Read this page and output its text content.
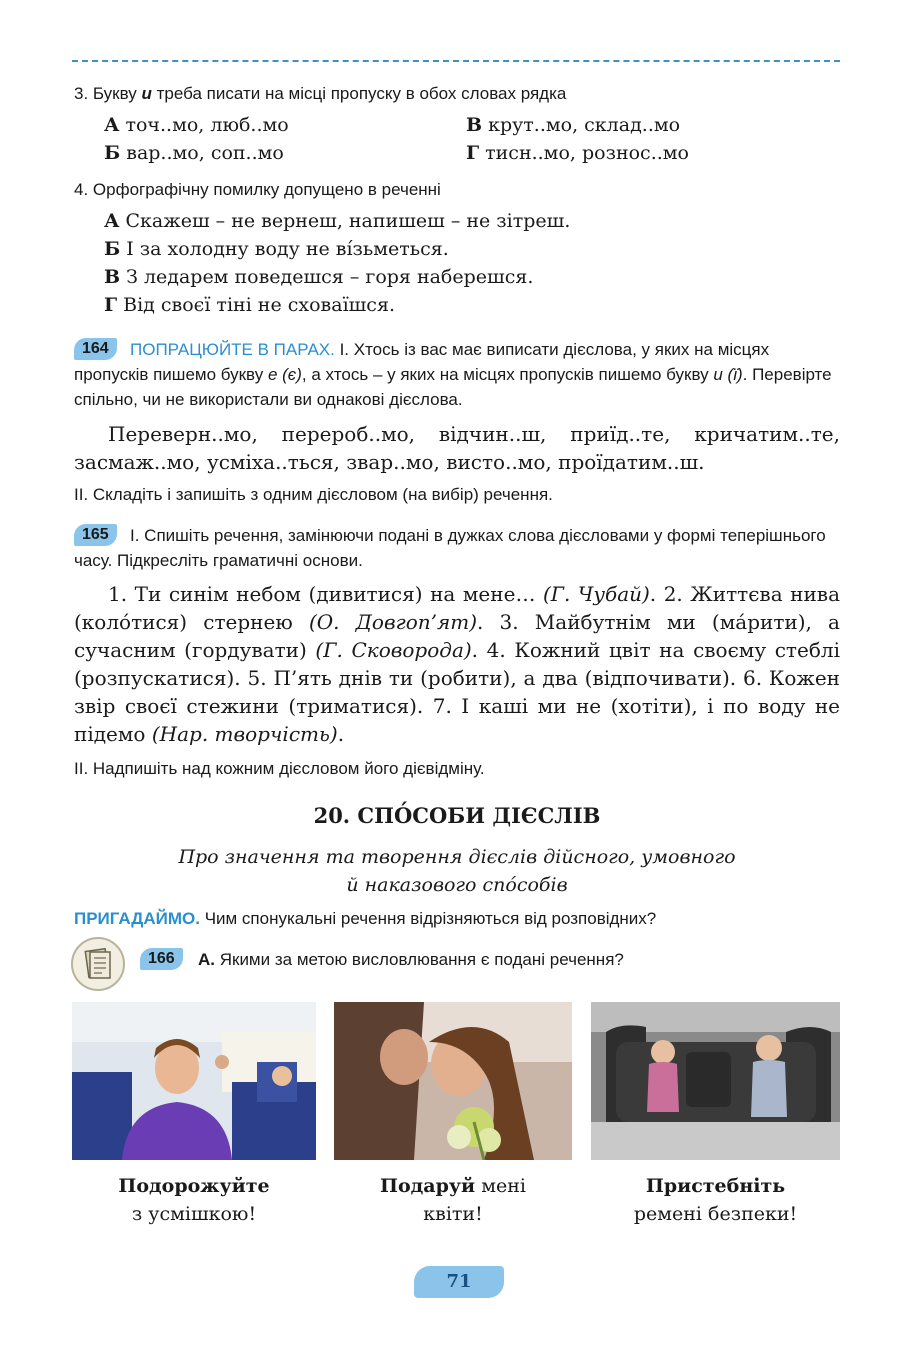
3. Букву и треба писати на місці пропуску в обох словах рядка
А точ..мо, люб..мо
Б вар..мо, соп..мо
В крут..мо, склад..мо
Г тисн..мо, рознос..мо
4. Орфографічну помилку допущено в реченні
А Скажеш – не вернеш, напишеш – не зітреш.
Б І за холодну воду не ві́зьметься.
В З ледарем поведешся – горя наберешся.
Г Від своєї тіні не сховаїшся.
164	ПОПРАЦЮЙТЕ В ПАРАХ. І. Хтось із вас має виписати дієслова, у яких на місцях пропусків пишемо букву е (є), а хтось – у яких на місцях пропусків пишемо букву и (ї). Перевірте спільно, чи не використали ви однакові дієслова.
Переверн..мо, перероб..мо, відчин..ш, приїд..те, кричатим..те, засмаж..мо, усміха..ться, звар..мо, висто..мо, проїдатим..ш.
ІІ. Складіть і запишіть з одним дієсловом (на вибір) речення.
165	І. Спишіть речення, замінюючи подані в дужках слова дієсловами у формі теперішнього часу. Підкресліть граматичні основи.
1. Ти синім небом (дивитися) на мене… (Г. Чубай). 2. Життєва нива (коло́тися) стернею (О. Довгоп’ят). 3. Майбутнім ми (ма́рити), а сучасним (гордувати) (Г. Сковорода). 4. Кожний цвіт на своєму стеблі (розпускатися). 5. П’ять днів ти (робити), а два (відпочивати). 6. Кожен звір своєї стежини (триматися). 7. І каші ми не (хотіти), і по воду не підемо (Нар. творчість).
ІІ. Надпишіть над кожним дієсловом його дієвідміну.
20. СПО́СОБИ ДІЄСЛІВ
Про значення та творення дієслів дійсного, умовного
й наказового спо́собів
ПРИГАДАЙМО. Чим спонукальні речення відрізняються від розповідних?
166	А. Якими за метою висловлювання є подані речення?
Подорожуйте
з усмішкою!
Подаруй мені
квіти!
Пристебніть
ремені безпеки!
71
